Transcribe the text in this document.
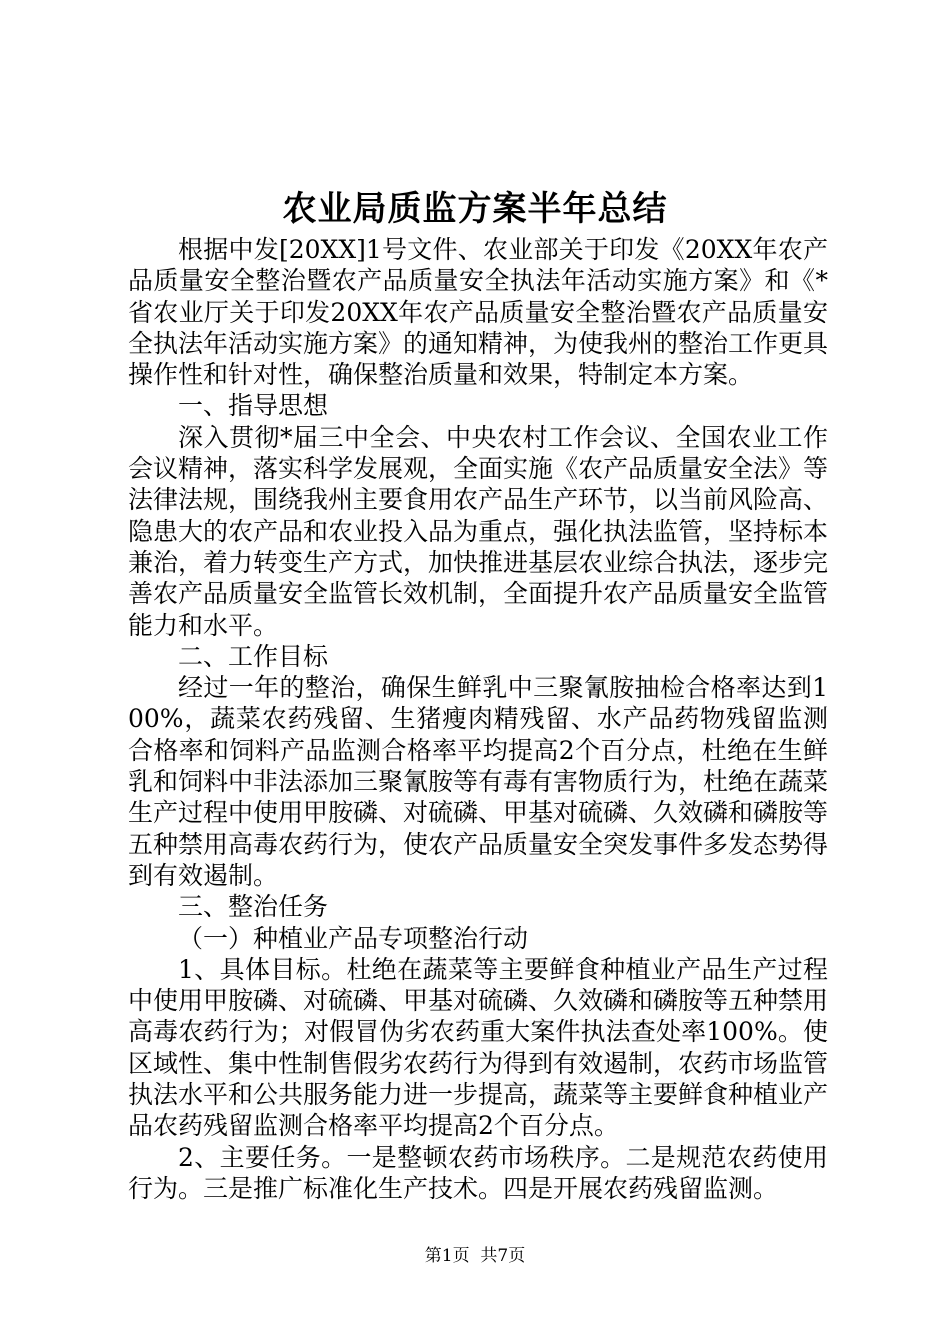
农业局质监方案半年总结

根据中发[20XX]1号文件、农业部关于印发《20XX年农产品质量安全整治暨农产品质量安全执法年活动实施方案》和《*省农业厅关于印发20XX年农产品质量安全整治暨农产品质量安全执法年活动实施方案》的通知精神，为使我州的整治工作更具操作性和针对性，确保整治质量和效果，特制定本方案。

一、指导思想

深入贯彻*届三中全会、中央农村工作会议、全国农业工作会议精神，落实科学发展观，全面实施《农产品质量安全法》等法律法规，围绕我州主要食用农产品生产环节，以当前风险高、隐患大的农产品和农业投入品为重点，强化执法监管，坚持标本兼治，着力转变生产方式，加快推进基层农业综合执法，逐步完善农产品质量安全监管长效机制，全面提升农产品质量安全监管能力和水平。

二、工作目标

经过一年的整治，确保生鲜乳中三聚氰胺抽检合格率达到100%，蔬菜农药残留、生猪瘦肉精残留、水产品药物残留监测合格率和饲料产品监测合格率平均提高2个百分点，杜绝在生鲜乳和饲料中非法添加三聚氰胺等有毒有害物质行为，杜绝在蔬菜生产过程中使用甲胺磷、对硫磷、甲基对硫磷、久效磷和磷胺等五种禁用高毒农药行为，使农产品质量安全突发事件多发态势得到有效遏制。

三、整治任务

（一）种植业产品专项整治行动

1、具体目标。杜绝在蔬菜等主要鲜食种植业产品生产过程中使用甲胺磷、对硫磷、甲基对硫磷、久效磷和磷胺等五种禁用高毒农药行为；对假冒伪劣农药重大案件执法查处率100%。使区域性、集中性制售假劣农药行为得到有效遏制，农药市场监管执法水平和公共服务能力进一步提高，蔬菜等主要鲜食种植业产品农药残留监测合格率平均提高2个百分点。

2、主要任务。一是整顿农药市场秩序。二是规范农药使用行为。三是推广标准化生产技术。四是开展农药残留监测。

第1页  共7页
